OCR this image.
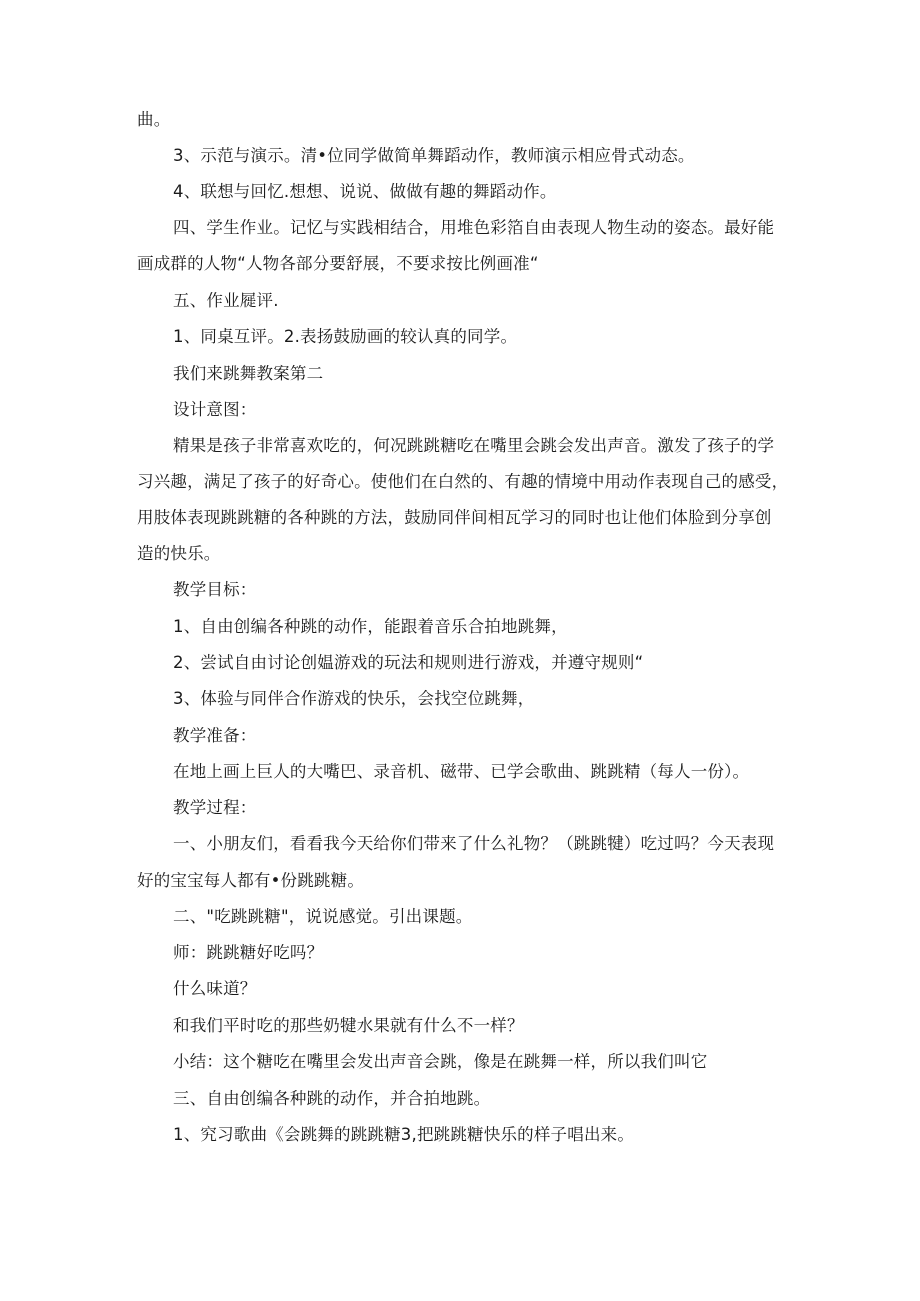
曲。
3、示范与演示。清•位同学做简单舞蹈动作，教师演示相应骨式动态。
4、联想与回忆.想想、说说、做做有趣的舞蹈动作。
四、学生作业。记忆与实践相结合，用堆色彩箔自由表现人物生动的姿态。最好能
画成群的人物“人物各部分要舒展，不要求按比例画准“
五、作业屣评.
1、同桌互评。2.表扬鼓励画的较认真的同学。
我们来跳舞教案第二
设计意图：
精果是孩子非常喜欢吃的，何况跳跳糖吃在嘴里会跳会发出声音。激发了孩子的学
习兴趣，满足了孩子的好奇心。使他们在白然的、有趣的情境中用动作表现自己的感受，
用肢体表现跳跳糖的各种跳的方法，鼓励同伴间相瓦学习的同时也让他们体脸到分享创
造的快乐。
教学目标：
1、自由创编各种跳的动作，能跟着音乐合拍地跳舞，
2、尝试自由讨论创媪游戏的玩法和规则进行游戏，并遵守规则“
3、体验与同伴合作游戏的快乐，会找空位跳舞，
教学准备：
在地上画上巨人的大嘴巴、录音机、磁带、已学会歌曲、跳跳精（每人一份）。
教学过程：
一、小朋友们，看看我今天给你们带来了什么礼物？（跳跳犍）吃过吗？今天表现
好的宝宝每人都有•份跳跳糖。
二、"吃跳跳糖"，说说感觉。引出课题。
师：跳跳糖好吃吗？
什么味道？
和我们平时吃的那些奶犍水果就有什么不一样？
小结：这个糖吃在嘴里会发出声音会跳，像是在跳舞一样，所以我们叫它
三、自由创编各种跳的动作，并合拍地跳。
1、究习歌曲《会跳舞的跳跳糖3,把跳跳糖快乐的样子唱出来。
